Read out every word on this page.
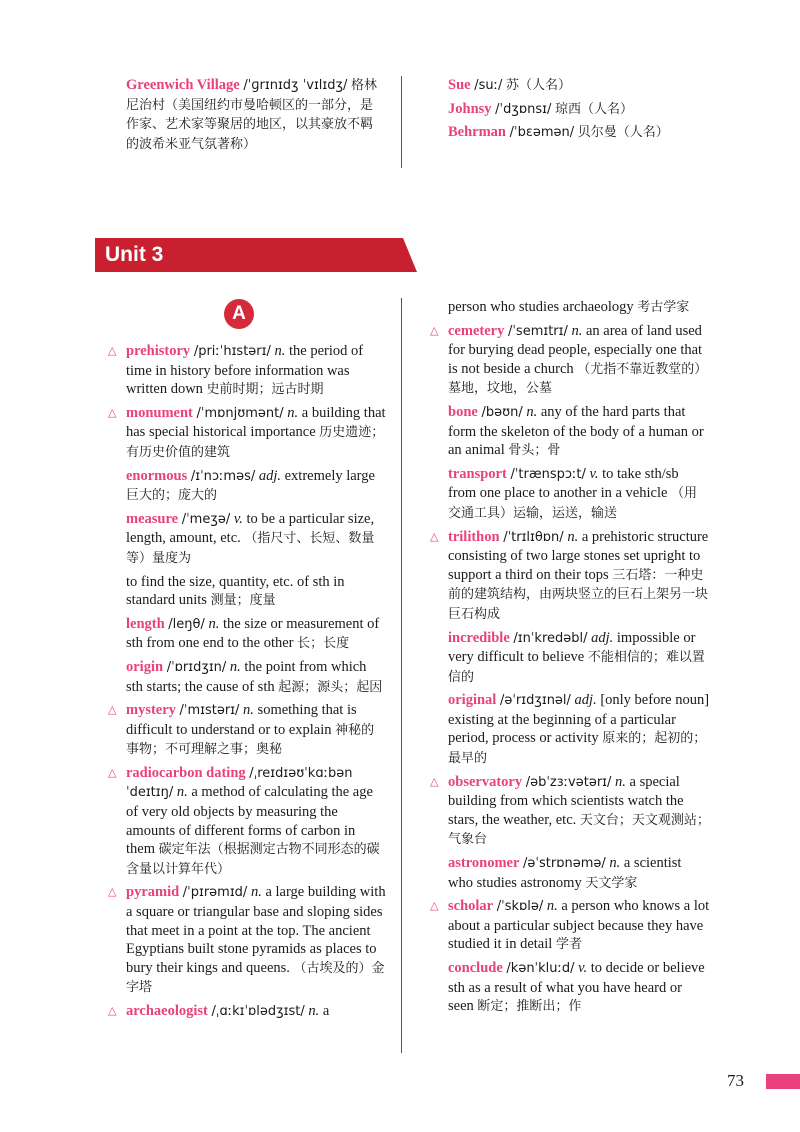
Greenwich Village /ˈɡrɪnɪdʒ ˈvɪlɪdʒ/ 格林尼治村（美国纽约市曼哈顿区的一部分，是作家、艺术家等聚居的地区，以其豪放不羁的波希米亚气氛著称）
Sue /suː/ 苏（人名）
Johnsy /ˈdʒɒnsɪ/ 琼西（人名）
Behrman /ˈbɛəmən/ 贝尔曼（人名）
Unit 3
A
△ prehistory /priːˈhɪstərɪ/ n. the period of time in history before information was written down 史前时期；远古时期
△ monument /ˈmɒnjʊmənt/ n. a building that has special historical importance 历史遗迹；有历史价值的建筑
enormous /ɪˈnɔːməs/ adj. extremely large 巨大的；庞大的
measure /ˈmeʒə/ v. to be a particular size, length, amount, etc. （指尺寸、长短、数量等）量度为
to find the size, quantity, etc. of sth in standard units 测量；度量
length /leŋθ/ n. the size or measurement of sth from one end to the other 长；长度
origin /ˈɒrɪdʒɪn/ n. the point from which sth starts; the cause of sth 起源；源头；起因
△ mystery /ˈmɪstərɪ/ n. something that is difficult to understand or to explain 神秘的事物；不可理解之事；奥秘
△ radiocarbon dating /ˌreɪdɪəʊˈkɑːbən ˈdeɪtɪŋ/ n. a method of calculating the age of very old objects by measuring the amounts of different forms of carbon in them 碳定年法（根据测定古物不同形态的碳含量以计算年代）
△ pyramid /ˈpɪrəmɪd/ n. a large building with a square or triangular base and sloping sides that meet in a point at the top. The ancient Egyptians built stone pyramids as places to bury their kings and queens. （古埃及的）金字塔
△ archaeologist /ˌɑːkɪˈɒlədʒɪst/ n. a
person who studies archaeology 考古学家
△ cemetery /ˈsemɪtrɪ/ n. an area of land used for burying dead people, especially one that is not beside a church （尤指不靠近教堂的）墓地，坟地，公墓
bone /bəʊn/ n. any of the hard parts that form the skeleton of the body of a human or an animal 骨头；骨
transport /ˈtrænspɔːt/ v. to take sth/sb from one place to another in a vehicle （用交通工具）运输，运送，输送
△ trilithon /ˈtrɪlɪθɒn/ n. a prehistoric structure consisting of two large stones set upright to support a third on their tops 三石塔：一种史前的建筑结构，由两块竖立的巨石上架另一块巨石构成
incredible /ɪnˈkredəbl/ adj. impossible or very difficult to believe 不能相信的；难以置信的
original /əˈrɪdʒɪnəl/ adj. [only before noun] existing at the beginning of a particular period, process or activity 原来的；起初的；最早的
△ observatory /əbˈzɜːvətərɪ/ n. a special building from which scientists watch the stars, the weather, etc. 天文台；天文观测站；气象台
astronomer /əˈstrɒnəmə/ n. a scientist who studies astronomy 天文学家
△ scholar /ˈskɒlə/ n. a person who knows a lot about a particular subject because they have studied it in detail 学者
conclude /kənˈkluːd/ v. to decide or believe sth as a result of what you have heard or seen 断定；推断出；作
73
